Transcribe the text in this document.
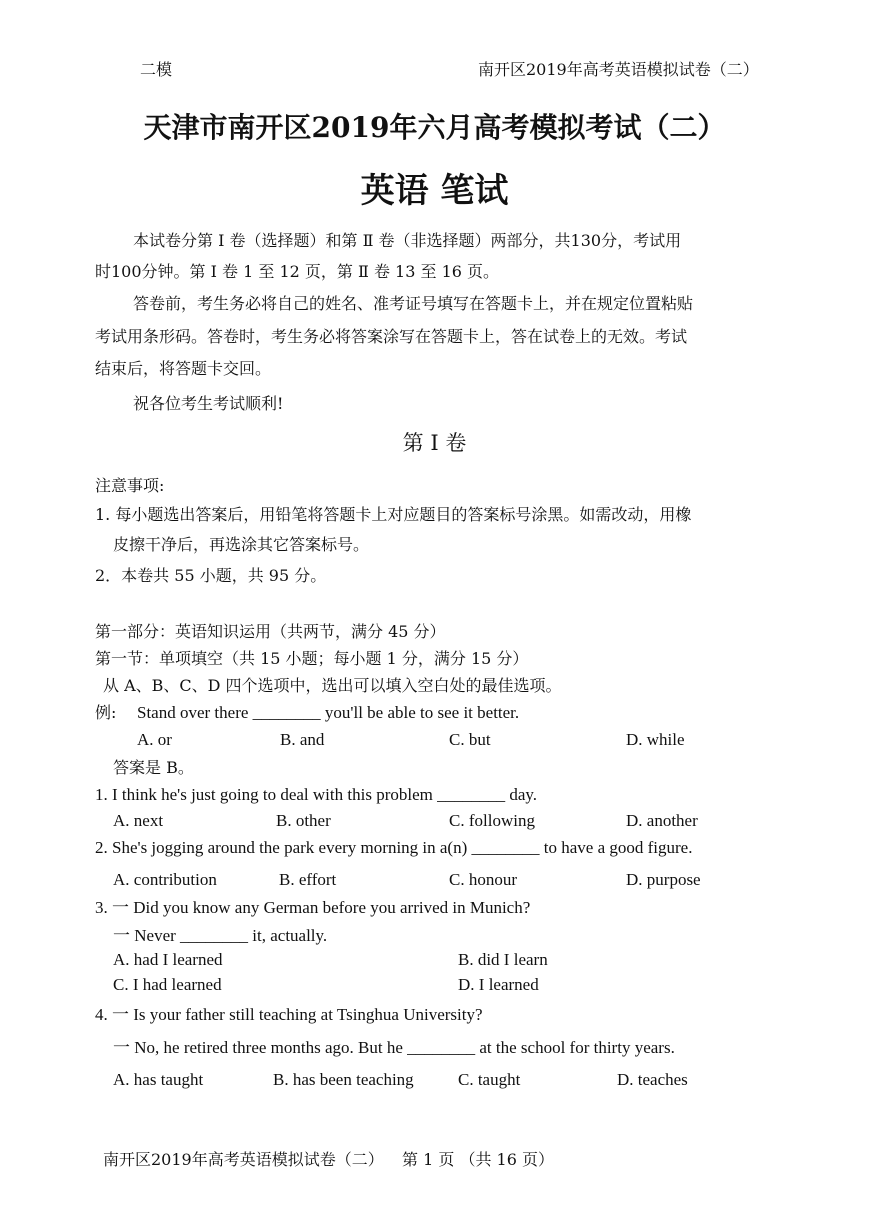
二模	南开区2019年高考英语模拟试卷（二）
天津市南开区2019年六月高考模拟考试（二）
英语 笔试
本试卷分第 Ⅰ 卷（选择题）和第 Ⅱ 卷（非选择题）两部分，共130分，考试用
时100分钟。第 Ⅰ 卷 1 至 12 页，第 Ⅱ 卷 13 至 16 页。
答卷前，考生务必将自己的姓名、准考证号填写在答题卡上，并在规定位置粘贴
考试用条形码。答卷时，考生务必将答案涂写在答题卡上，答在试卷上的无效。考试
结束后，将答题卡交回。
祝各位考生考试顺利!
第 Ⅰ 卷
注意事项:
1. 每小题选出答案后，用铅笔将答题卡上对应题目的答案标号涂黑。如需改动，用橡
皮擦干净后，再选涂其它答案标号。
2．本卷共 55 小题，共 95 分。
第一部分：英语知识运用（共两节，满分 45 分）
第一节：单项填空（共 15 小题；每小题 1 分，满分 15 分）
从 A、B、C、D 四个选项中，选出可以填入空白处的最佳选项。
例: Stand over there ________ you'll be able to see it better.
A. or	B. and	C. but	D. while
答案是 B。
1. I think he's just going to deal with this problem ________ day.
A. next	B. other	C. following	D. another
2. She's jogging around the park every morning in a(n) ________ to have a good figure.
A. contribution	B. effort	C. honour	D. purpose
3. 一 Did you know any German before you arrived in Munich?
一 Never ________ it, actually.
A. had I learned	B. did I learn
C. I had learned	D. I learned
4. 一 Is your father still teaching at Tsinghua University?
一 No, he retired three months ago. But he ________ at the school for thirty years.
A. has taught	B. has been teaching	C. taught	D. teaches
南开区2019年高考英语模拟试卷（二） 第 1 页 （共 16 页）
